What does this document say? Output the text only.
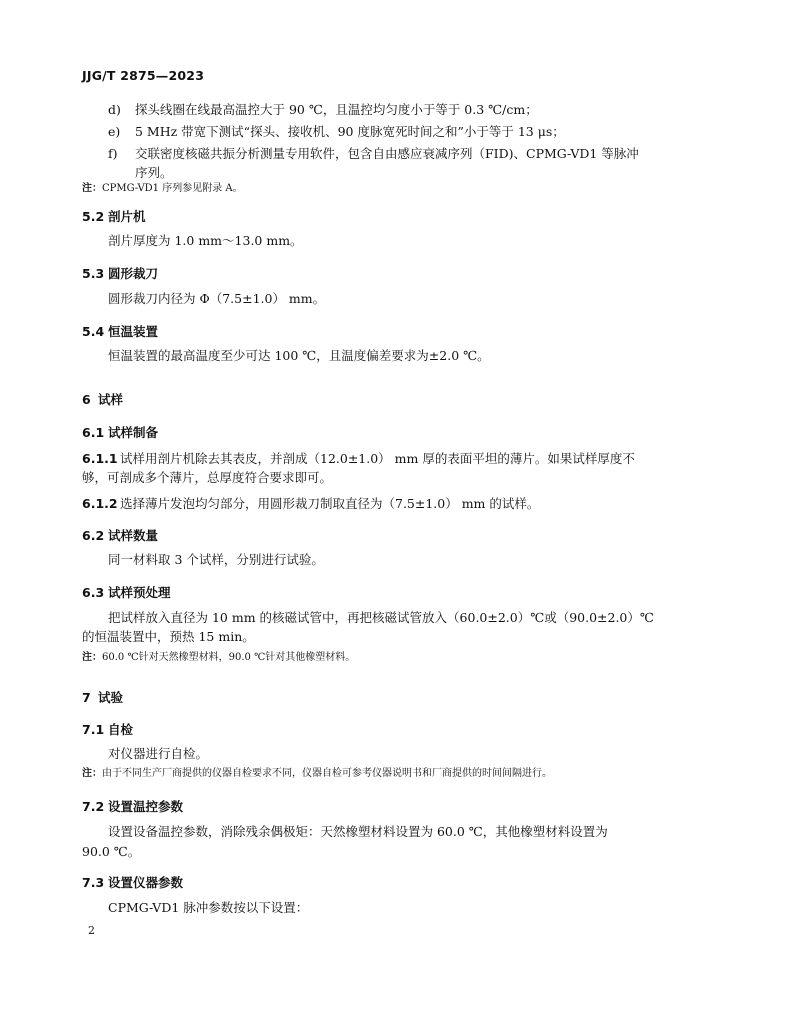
JJG/T 2875—2023
d) 探头线圈在线最高温控大于 90 ℃，且温控均匀度小于等于 0.3 ℃/cm；
e) 5 MHz 带宽下测试“探头、接收机、90 度脉宽死时间之和”小于等于 13 μs；
f) 交联密度核磁共振分析测量专用软件，包含自由感应衰减序列（FID)、CPMG-VD1 等脉冲
序列。
注：CPMG-VD1 序列参见附录 A。
5.2 剖片机
剖片厚度为 1.0 mm～13.0 mm。
5.3 圆形裁刀
圆形裁刀内径为 Φ（7.5±1.0） mm。
5.4 恒温装置
恒温装置的最高温度至少可达 100 ℃，且温度偏差要求为±2.0 ℃。
6 试样
6.1 试样制备
6.1.1 试样用剖片机除去其表皮，并剖成（12.0±1.0） mm 厚的表面平坦的薄片。如果试样厚度不
够，可剖成多个薄片，总厚度符合要求即可。
6.1.2 选择薄片发泡均匀部分，用圆形裁刀制取直径为（7.5±1.0） mm 的试样。
6.2 试样数量
同一材料取 3 个试样，分别进行试验。
6.3 试样预处理
把试样放入直径为 10 mm 的核磁试管中，再把核磁试管放入（60.0±2.0）℃或（90.0±2.0）℃
的恒温装置中，预热 15 min。
注：60.0 ℃针对天然橡塑材料，90.0 ℃针对其他橡塑材料。
7 试验
7.1 自检
对仪器进行自检。
注：由于不同生产厂商提供的仪器自检要求不同，仪器自检可参考仪器说明书和厂商提供的时间间隔进行。
7.2 设置温控参数
设置设备温控参数，消除残余偶极矩：天然橡塑材料设置为 60.0 ℃，其他橡塑材料设置为
90.0 ℃。
7.3 设置仪器参数
CPMG-VD1 脉冲参数按以下设置：
2
